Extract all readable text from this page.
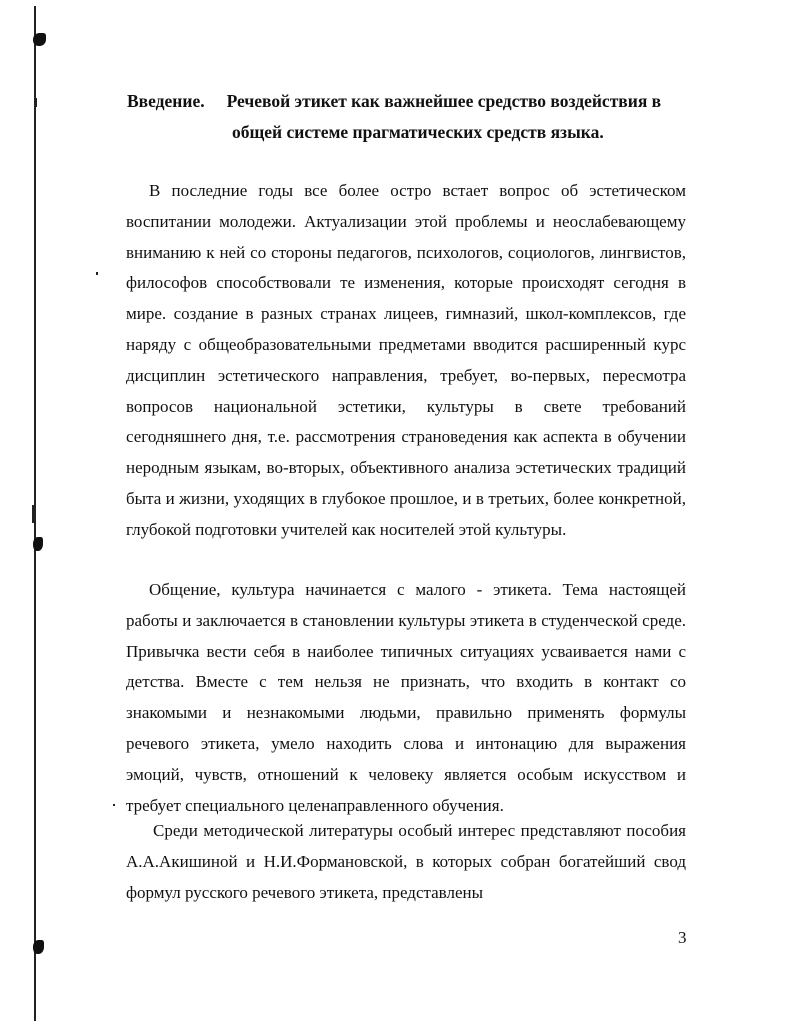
Введение. Речевой этикет как важнейшее средство воздействия в
общей системе прагматических средств языка.

В последние годы все более остро встает вопрос об эстетическом воспитании молодежи. Актуализации этой проблемы и неослабевающему вниманию к ней со стороны педагогов, психологов, социологов, лингвистов, философов способствовали те изменения, которые происходят сегодня в мире. создание в разных странах лицеев, гимназий, школ-комплексов, где наряду с общеобразовательными предметами вводится расширенный курс дисциплин эстетического направления, требует, во-первых, пересмотра вопросов национальной эстетики, культуры в свете требований сегодняшнего дня, т.е. рассмотрения страноведения как аспекта в обучении неродным языкам, во-вторых, объективного анализа эстетических традиций быта и жизни, уходящих в глубокое прошлое, и в третьих, более конкретной, глубокой подготовки учителей как носителей этой культуры.

Общение, культура начинается с малого - этикета. Тема настоящей работы и заключается в становлении культуры этикета в студенческой среде. Привычка вести себя в наиболее типичных ситуациях усваивается нами с детства. Вместе с тем нельзя не признать, что входить в контакт со знакомыми и незнакомыми людьми, правильно применять формулы речевого этикета, умело находить слова и интонацию для выражения эмоций, чувств, отношений к человеку является особым искусством и требует специального целенаправленного обучения.

Среди методической литературы особый интерес представляют пособия А.А.Акишиной и Н.И.Формановской, в которых собран богатейший свод формул русского речевого этикета, представлены

3
